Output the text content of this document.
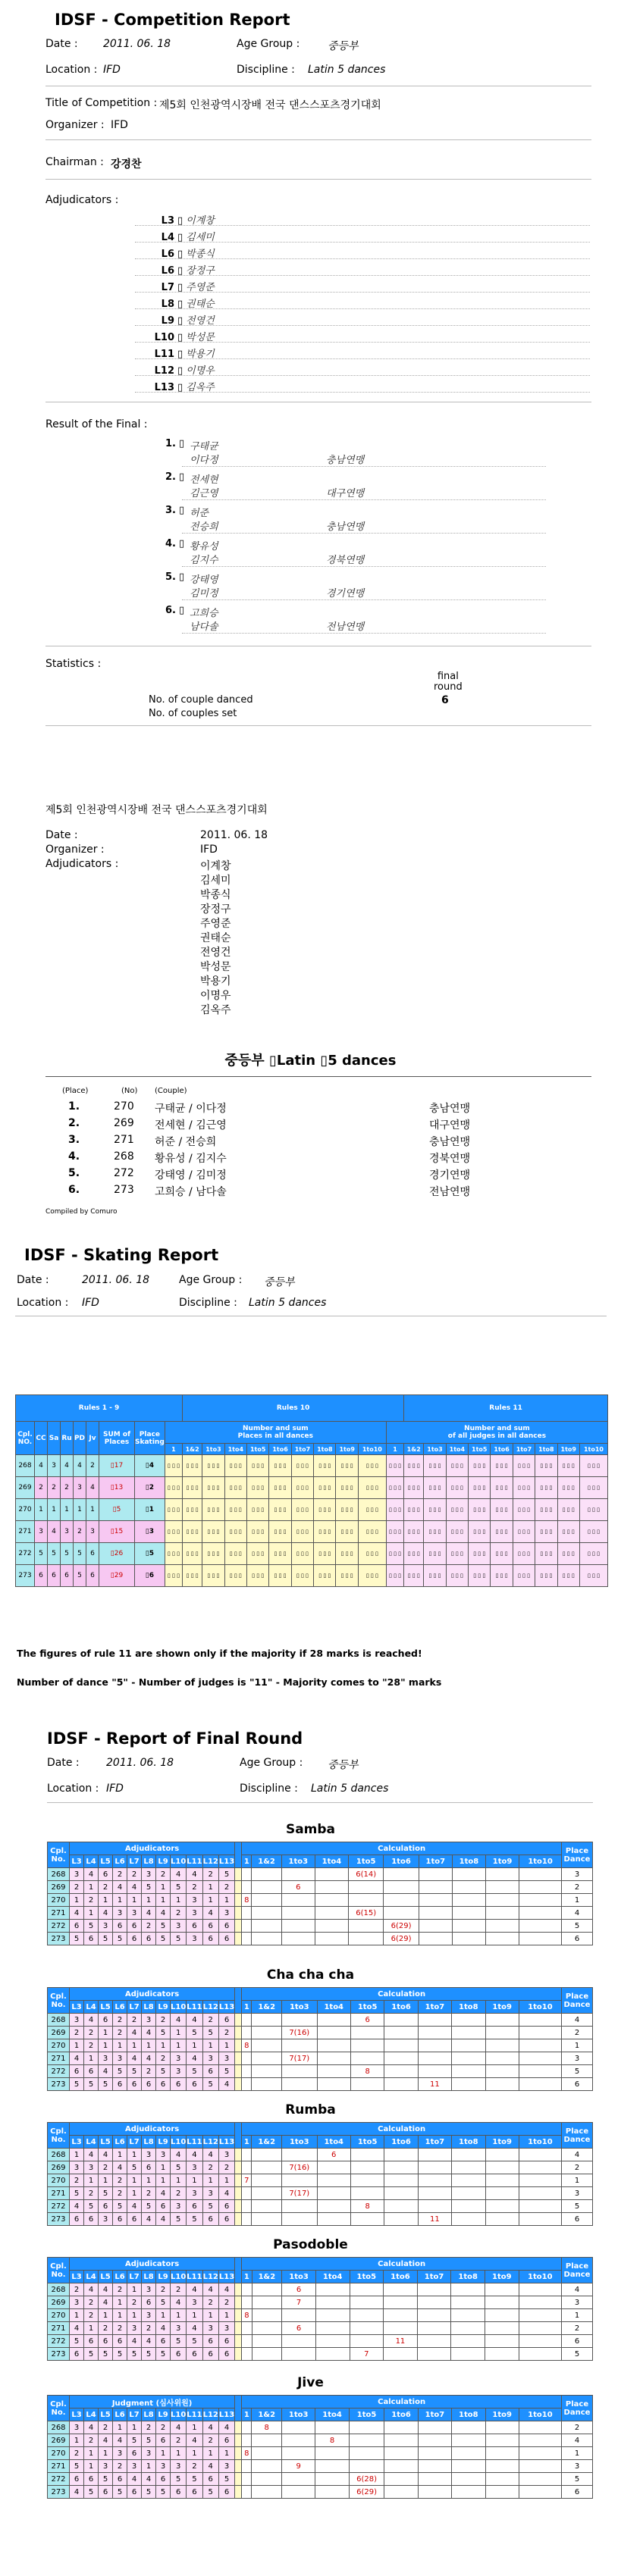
IDSF - Competition Report
Date : 2011. 06. 18	Age Group :	중등부
Location : IFD	Discipline : Latin 5 dances
Title of Competition : 제5회 인천광역시장배 전국 댄스스포츠경기대회
Organizer : IFD
Chairman : 강경찬
Adjudicators :
L3 ▯ 이계창
L4 ▯ 김세미
L6 ▯ 박종식
L6 ▯ 장정구
L7 ▯ 주영준
L8 ▯ 권태순
L9 ▯ 전영건
L10 ▯ 박성문
L11 ▯ 박용기
L12 ▯ 이명우
L13 ▯ 김옥주
Result of the Final :
1. ▯ 구태균
이다정	충남연맹
2. ▯ 전세현
김근영	대구연맹
3. ▯ 허준
전승희	충남연맹
4. ▯ 황유성
김지수	경북연맹
5. ▯ 강태영
김미정	경기연맹
6. ▯ 고희승
남다솔	전남연맹
Statistics :
final
round
6
No. of couple danced
No. of couples set
제5회 인천광역시장배 전국 댄스스포츠경기대회
Date :	2011. 06. 18
Organizer :	IFD
Adjudicators :	이계창
김세미
박종식
장정구
주영준
권태순
전영건
박성문
박용기
이명우
김옥주
중등부 ▯Latin ▯5 dances
(Place)	(No) (Couple)
1.	270 구태균 / 이다정	충남연맹
2.	269 전세현 / 김근영	대구연맹
3.	271 허준 / 전승희	충남연맹
4.	268 황유성 / 김지수	경북연맹
5.	272 강태영 / 김미정	경기연맹
6.	273 고희승 / 남다솔	전남연맹
Compiled by Comuro
IDSF - Skating Report
Date :	2011. 06. 18	Age Group : 중등부
Location : IFD	Discipline : Latin 5 dances
Rules 1 - 9									Rules 10										Rules 11								
Cpl.
NO.	CC	Sa	Ru	PD	Jv	SUM of Places	Place Skating	Number and sum
Places in all dances										Number and sum
of all judges in all dances									
								1	1&2	1to3	1to4	1to5	1to6	1to7	1to8	1to9	1to10	1	1&2	1to3	1to4	1to5	1to6	1to7	1to8	1to9	1to10
268	4	3	4	4	2	▯17	▯4	▯ ▯ ▯	▯ ▯ ▯	▯ ▯ ▯	▯ ▯ ▯	▯ ▯ ▯	▯ ▯ ▯	▯ ▯ ▯	▯ ▯ ▯	▯ ▯ ▯	▯ ▯ ▯	▯ ▯ ▯	▯ ▯ ▯	▯ ▯ ▯	▯ ▯ ▯	▯ ▯ ▯	▯ ▯ ▯	▯ ▯ ▯	▯ ▯ ▯	▯ ▯ ▯	▯ ▯ ▯
269	2	2	2	3	4	▯13	▯2	▯ ▯ ▯	▯ ▯ ▯	▯ ▯ ▯	▯ ▯ ▯	▯ ▯ ▯	▯ ▯ ▯	▯ ▯ ▯	▯ ▯ ▯	▯ ▯ ▯	▯ ▯ ▯	▯ ▯ ▯	▯ ▯ ▯	▯ ▯ ▯	▯ ▯ ▯	▯ ▯ ▯	▯ ▯ ▯	▯ ▯ ▯	▯ ▯ ▯	▯ ▯ ▯	▯ ▯ ▯
270	1	1	1	1	1	▯5	▯1	▯ ▯ ▯	▯ ▯ ▯	▯ ▯ ▯	▯ ▯ ▯	▯ ▯ ▯	▯ ▯ ▯	▯ ▯ ▯	▯ ▯ ▯	▯ ▯ ▯	▯ ▯ ▯	▯ ▯ ▯	▯ ▯ ▯	▯ ▯ ▯	▯ ▯ ▯	▯ ▯ ▯	▯ ▯ ▯	▯ ▯ ▯	▯ ▯ ▯	▯ ▯ ▯	▯ ▯ ▯
271	3	4	3	2	3	▯15	▯3	▯ ▯ ▯	▯ ▯ ▯	▯ ▯ ▯	▯ ▯ ▯	▯ ▯ ▯	▯ ▯ ▯	▯ ▯ ▯	▯ ▯ ▯	▯ ▯ ▯	▯ ▯ ▯	▯ ▯ ▯	▯ ▯ ▯	▯ ▯ ▯	▯ ▯ ▯	▯ ▯ ▯	▯ ▯ ▯	▯ ▯ ▯	▯ ▯ ▯	▯ ▯ ▯	▯ ▯ ▯
272	5	5	5	5	6	▯26	▯5	▯ ▯ ▯	▯ ▯ ▯	▯ ▯ ▯	▯ ▯ ▯	▯ ▯ ▯	▯ ▯ ▯	▯ ▯ ▯	▯ ▯ ▯	▯ ▯ ▯	▯ ▯ ▯	▯ ▯ ▯	▯ ▯ ▯	▯ ▯ ▯	▯ ▯ ▯	▯ ▯ ▯	▯ ▯ ▯	▯ ▯ ▯	▯ ▯ ▯	▯ ▯ ▯	▯ ▯ ▯
273	6	6	6	5	6	▯29	▯6	▯ ▯ ▯	▯ ▯ ▯	▯ ▯ ▯	▯ ▯ ▯	▯ ▯ ▯	▯ ▯ ▯	▯ ▯ ▯	▯ ▯ ▯	▯ ▯ ▯	▯ ▯ ▯	▯ ▯ ▯	▯ ▯ ▯	▯ ▯ ▯	▯ ▯ ▯	▯ ▯ ▯	▯ ▯ ▯	▯ ▯ ▯	▯ ▯ ▯	▯ ▯ ▯	▯ ▯ ▯
The figures of rule 11 are shown only if the majority if 28 marks is reached!
Number of dance "5" - Number of judges is "11" - Majority comes to "28" marks
IDSF - Report of Final Round
Date :	2011. 06. 18	Age Group : 중등부
Location : IFD	Discipline : Latin 5 dances
Samba
Cpl.
No.	Adjudicators												Calculation										Place
Dance
	L3	L4	L5	L6	L7	L8	L9	L10	L11	L12	L13		1	1&2	1to3	1to4	1to5	1to6	1to7	1to8	1to9	1to10	
268	3	4	6	2	2	3	2	4	4	2	5						6(14)						3
269	2	1	2	4	4	5	1	5	2	1	2				6								2
270	1	2	1	1	1	1	1	1	3	1	1		8										1
271	4	1	4	3	3	4	4	2	3	4	3						6(15)						4
272	6	5	3	6	6	2	5	3	6	6	6							6(29)					5
273	5	6	5	5	6	6	5	5	3	6	6							6(29)					6
Cha cha cha
Cpl.
No.	Adjudicators												Calculation										Place
Dance
	L3	L4	L5	L6	L7	L8	L9	L10	L11	L12	L13		1	1&2	1to3	1to4	1to5	1to6	1to7	1to8	1to9	1to10	
268	3	4	6	2	2	3	2	4	4	2	6						6						4
269	2	2	1	2	4	4	5	1	5	5	2				7(16)								2
270	1	2	1	1	1	1	1	1	1	1	1		8										1
271	4	1	3	3	4	4	2	3	4	3	3				7(17)								3
272	6	6	4	5	5	2	5	3	5	6	5						8						5
273	5	5	5	6	6	6	6	6	6	5	4								11				6
Rumba
Cpl.
No.	Adjudicators												Calculation										Place
Dance
	L3	L4	L5	L6	L7	L8	L9	L10	L11	L12	L13		1	1&2	1to3	1to4	1to5	1to6	1to7	1to8	1to9	1to10	
268	1	4	4	1	1	3	3	4	4	4	3					6							4
269	3	3	2	4	5	6	1	5	3	2	2				7(16)								2
270	2	1	1	2	1	1	1	1	1	1	1		7										1
271	5	2	5	2	1	2	4	2	3	3	4				7(17)								3
272	4	5	6	5	4	5	6	3	6	5	6						8						5
273	6	6	3	6	6	4	4	5	5	6	6								11				6
Pasodoble
Cpl.
No.	Adjudicators												Calculation										Place
Dance
	L3	L4	L5	L6	L7	L8	L9	L10	L11	L12	L13		1	1&2	1to3	1to4	1to5	1to6	1to7	1to8	1to9	1to10	
268	2	4	4	2	1	3	2	2	4	4	4				6								4
269	3	2	4	1	2	6	5	4	3	2	2				7								3
270	1	2	1	1	1	3	1	1	1	1	1		8										1
271	4	1	2	2	3	2	4	3	4	3	3				6								2
272	5	6	6	6	4	4	6	5	5	6	6							11					6
273	6	5	5	5	5	5	5	6	6	6	6						7						5
Jive
Cpl.
No.	Judgment (심사위원)												Calculation										Place
Dance
	L3	L4	L5	L6	L7	L8	L9	L10	L11	L12	L13		1	1&2	1to3	1to4	1to5	1to6	1to7	1to8	1to9	1to10	
268	3	4	2	1	1	2	2	4	1	4	4			8									2
269	1	2	4	4	5	5	6	2	4	2	6					8							4
270	2	1	1	3	6	3	1	1	1	1	1		8										1
271	5	1	3	2	3	1	3	3	2	4	3				9								3
272	6	6	5	6	4	4	6	5	5	6	5						6(28)						5
273	4	5	6	5	6	5	5	6	6	5	6						6(29)						6
